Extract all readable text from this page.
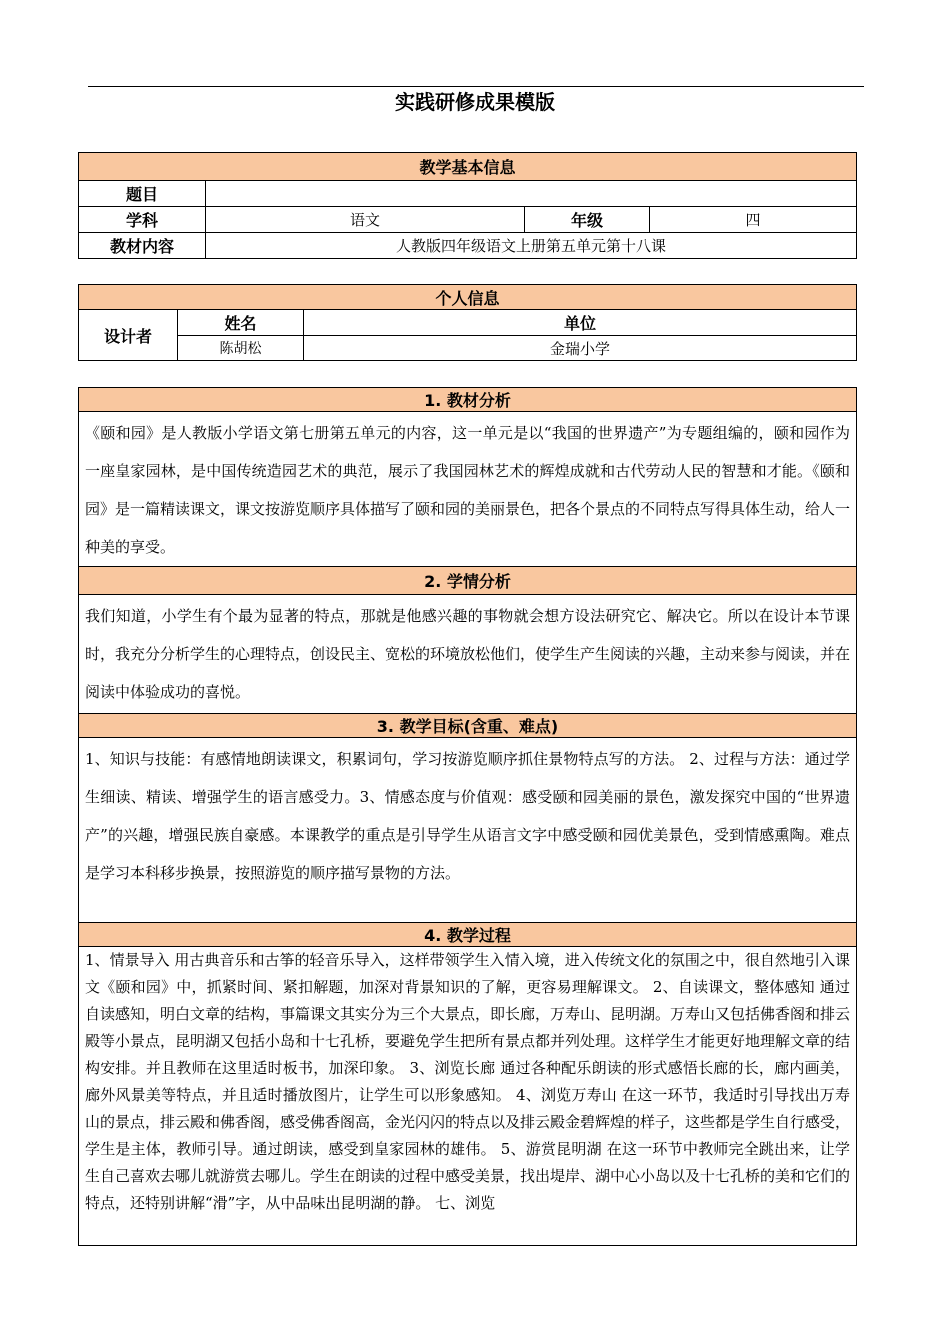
实践研修成果模版
教学基本信息			
题目			
学科	语文	年级	四
教材内容	人教版四年级语文上册第五单元第十八课		
个人信息		
设计者	姓名	单位
	陈胡松	金瑞小学
1. 教材分析
《颐和园》是人教版小学语文第七册第五单元的内容，这一单元是以“我国的世界遗产”为专题组编的，颐和园作为一座皇家园林，是中国传统造园艺术的典范，展示了我国园林艺术的辉煌成就和古代劳动人民的智慧和才能。《颐和园》是一篇精读课文，课文按游览顺序具体描写了颐和园的美丽景色，把各个景点的不同特点写得具体生动，给人一种美的享受。
2. 学情分析
我们知道，小学生有个最为显著的特点，那就是他感兴趣的事物就会想方设法研究它、解决它。所以在设计本节课时，我充分分析学生的心理特点，创设民主、宽松的环境放松他们，使学生产生阅读的兴趣，主动来参与阅读，并在阅读中体验成功的喜悦。
3. 教学目标(含重、难点)
1、知识与技能：有感情地朗读课文，积累词句，学习按游览顺序抓住景物特点写的方法。 2、过程与方法：通过学生细读、精读、增强学生的语言感受力。3、情感态度与价值观：感受颐和园美丽的景色，激发探究中国的“世界遗产”的兴趣，增强民族自豪感。本课教学的重点是引导学生从语言文字中感受颐和园优美景色，受到情感熏陶。难点是学习本科移步换景，按照游览的顺序描写景物的方法。
4. 教学过程
1、情景导入 用古典音乐和古筝的轻音乐导入，这样带领学生入情入境，进入传统文化的氛围之中，很自然地引入课文《颐和园》中，抓紧时间、紧扣解题，加深对背景知识的了解，更容易理解课文。 2、自读课文，整体感知 通过自读感知，明白文章的结构，事篇课文其实分为三个大景点，即长廊，万寿山、昆明湖。万寿山又包括佛香阁和排云殿等小景点，昆明湖又包括小岛和十七孔桥，要避免学生把所有景点都并列处理。这样学生才能更好地理解文章的结构安排。并且教师在这里适时板书，加深印象。 3、浏览长廊 通过各种配乐朗读的形式感悟长廊的长，廊内画美，廊外风景美等特点，并且适时播放图片，让学生可以形象感知。 4、浏览万寿山 在这一环节，我适时引导找出万寿山的景点，排云殿和佛香阁，感受佛香阁高，金光闪闪的特点以及排云殿金碧辉煌的样子，这些都是学生自行感受，学生是主体，教师引导。通过朗读，感受到皇家园林的雄伟。 5、游赏昆明湖 在这一环节中教师完全跳出来，让学生自己喜欢去哪儿就游赏去哪儿。学生在朗读的过程中感受美景，找出堤岸、湖中心小岛以及十七孔桥的美和它们的特点，还特别讲解“滑”字，从中品味出昆明湖的静。 七、浏览
